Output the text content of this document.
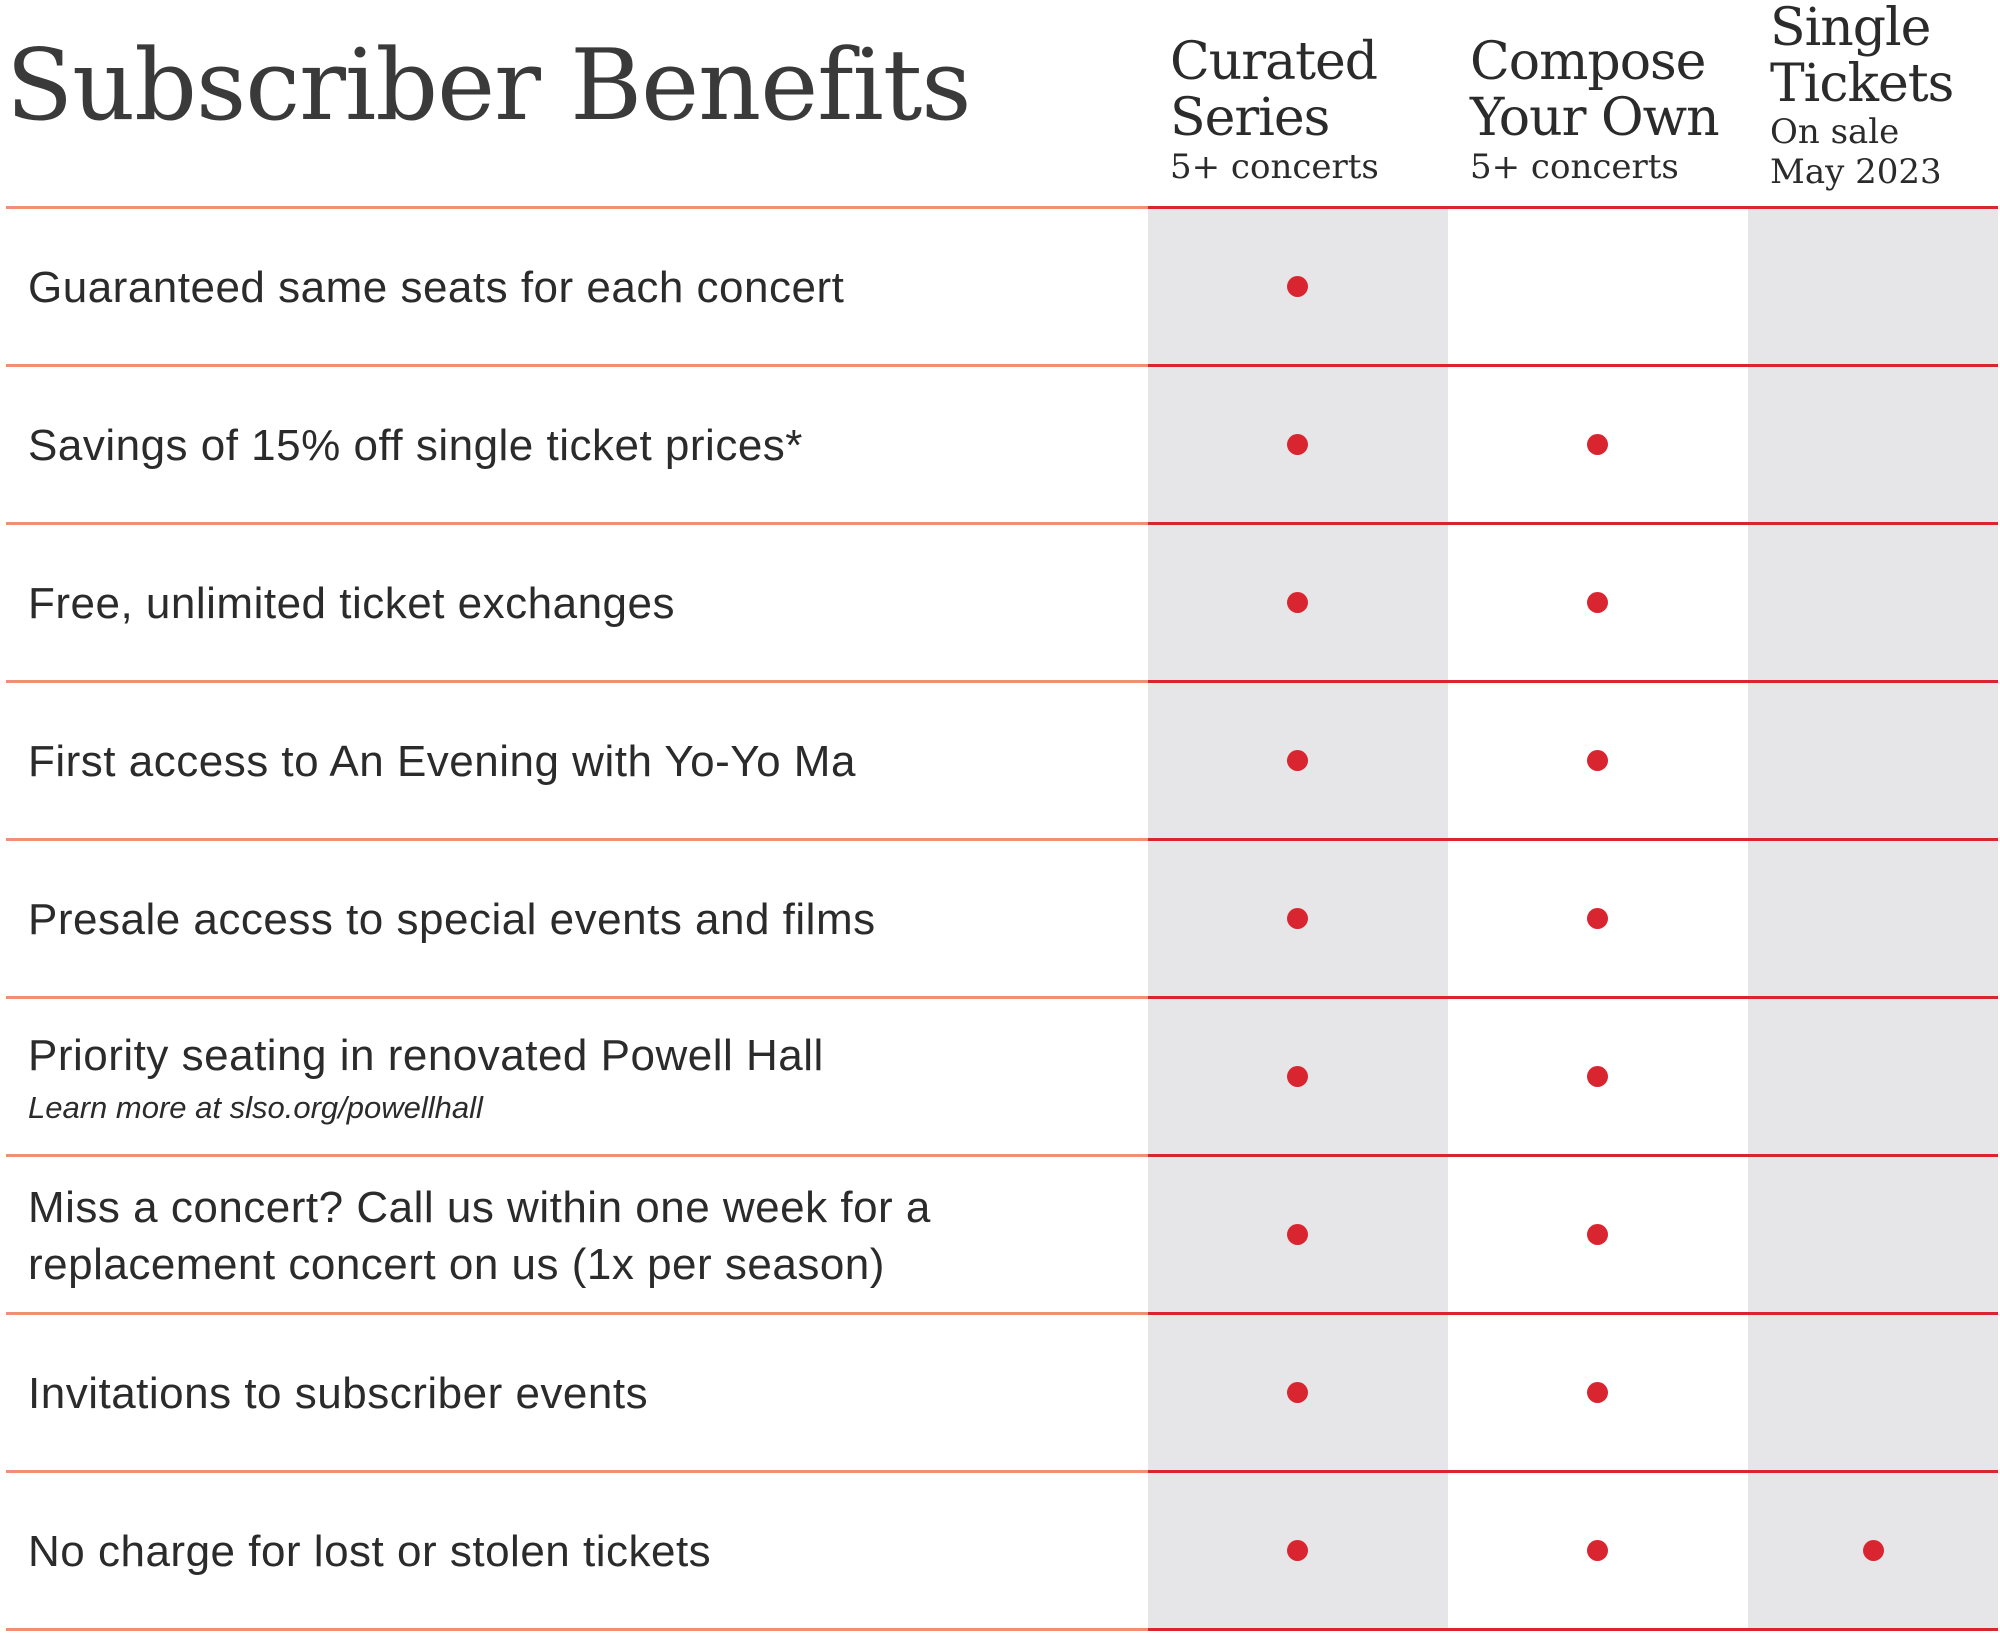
Subscriber Benefits	Curated
Series
5+ concerts
Compose
Your Own
5+ concerts
Single
Tickets
On sale
May 2023
Guaranteed same seats for each concert
Savings of 15% off single ticket prices*
Free, unlimited ticket exchanges
First access to An Evening with Yo-Yo Ma
Presale access to special events and films
Priority seating in renovated Powell Hall
Learn more at slso.org/powellhall
Miss a concert? Call us within one week for a replacement concert on us (1x per season)
Invitations to subscriber events
No charge for lost or stolen tickets
